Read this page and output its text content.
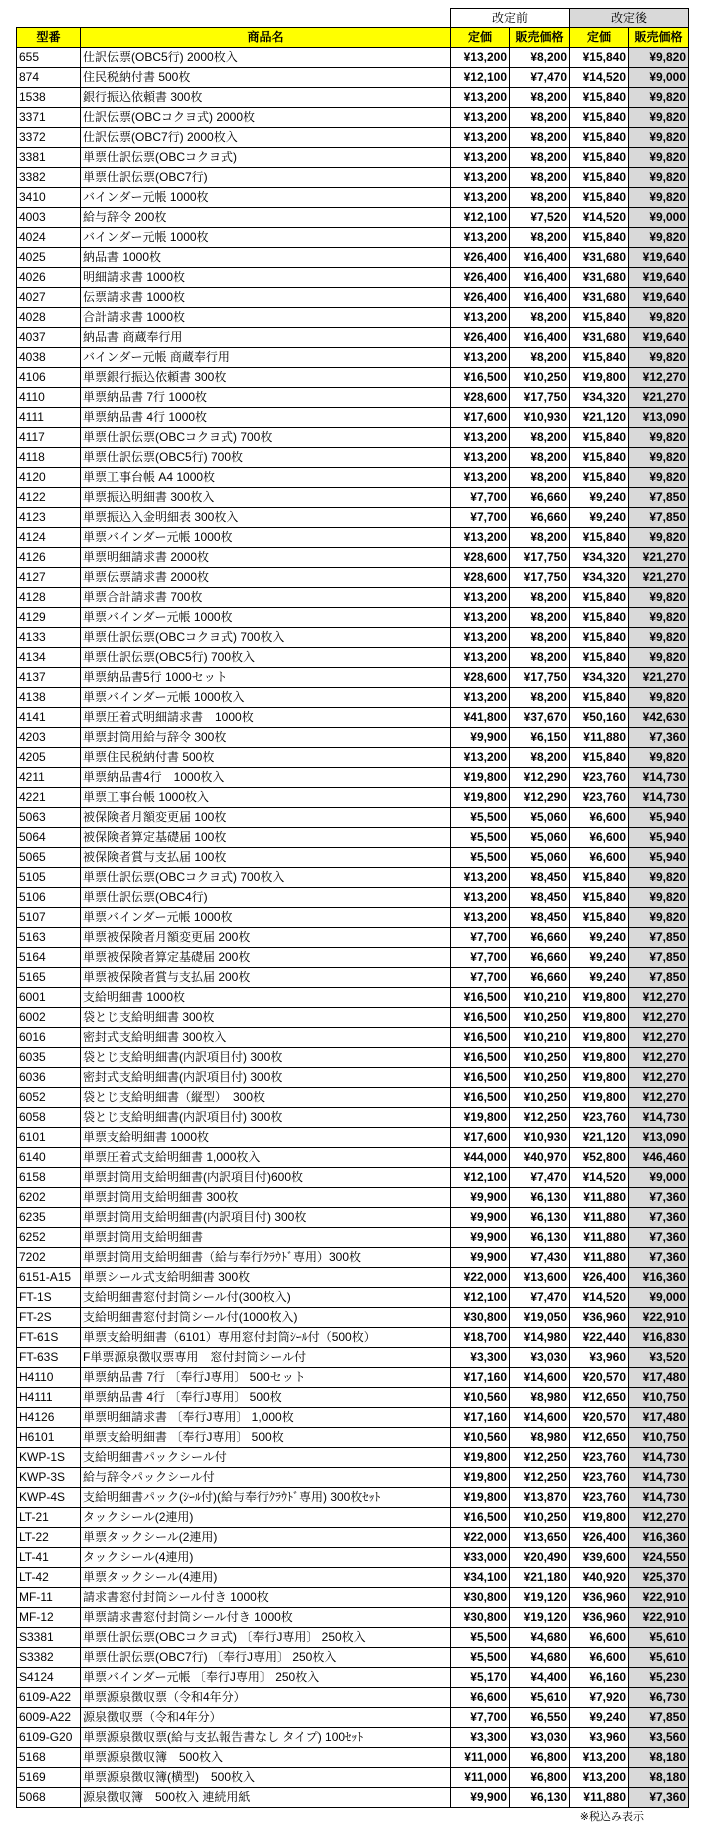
		改定前		改定後	
型番	商品名	定価	販売価格	定価	販売価格
655	仕訳伝票(OBC5行) 2000枚入	¥13,200	¥8,200	¥15,840	¥9,820
874	住民税納付書 500枚	¥12,100	¥7,470	¥14,520	¥9,000
1538	銀行振込依頼書 300枚	¥13,200	¥8,200	¥15,840	¥9,820
3371	仕訳伝票(OBCコクヨ式) 2000枚	¥13,200	¥8,200	¥15,840	¥9,820
3372	仕訳伝票(OBC7行) 2000枚入	¥13,200	¥8,200	¥15,840	¥9,820
3381	単票仕訳伝票(OBCコクヨ式)	¥13,200	¥8,200	¥15,840	¥9,820
3382	単票仕訳伝票(OBC7行)	¥13,200	¥8,200	¥15,840	¥9,820
3410	バインダー元帳 1000枚	¥13,200	¥8,200	¥15,840	¥9,820
4003	給与辞令 200枚	¥12,100	¥7,520	¥14,520	¥9,000
4024	バインダー元帳 1000枚	¥13,200	¥8,200	¥15,840	¥9,820
4025	納品書 1000枚	¥26,400	¥16,400	¥31,680	¥19,640
4026	明細請求書 1000枚	¥26,400	¥16,400	¥31,680	¥19,640
4027	伝票請求書 1000枚	¥26,400	¥16,400	¥31,680	¥19,640
4028	合計請求書 1000枚	¥13,200	¥8,200	¥15,840	¥9,820
4037	納品書 商蔵奉行用	¥26,400	¥16,400	¥31,680	¥19,640
4038	バインダー元帳 商蔵奉行用	¥13,200	¥8,200	¥15,840	¥9,820
4106	単票銀行振込依頼書 300枚	¥16,500	¥10,250	¥19,800	¥12,270
4110	単票納品書 7行 1000枚	¥28,600	¥17,750	¥34,320	¥21,270
4111	単票納品書 4行 1000枚	¥17,600	¥10,930	¥21,120	¥13,090
4117	単票仕訳伝票(OBCコクヨ式) 700枚	¥13,200	¥8,200	¥15,840	¥9,820
4118	単票仕訳伝票(OBC5行) 700枚	¥13,200	¥8,200	¥15,840	¥9,820
4120	単票工事台帳 A4 1000枚	¥13,200	¥8,200	¥15,840	¥9,820
4122	単票振込明細書 300枚入	¥7,700	¥6,660	¥9,240	¥7,850
4123	単票振込入金明細表 300枚入	¥7,700	¥6,660	¥9,240	¥7,850
4124	単票バインダー元帳 1000枚	¥13,200	¥8,200	¥15,840	¥9,820
4126	単票明細請求書 2000枚	¥28,600	¥17,750	¥34,320	¥21,270
4127	単票伝票請求書 2000枚	¥28,600	¥17,750	¥34,320	¥21,270
4128	単票合計請求書 700枚	¥13,200	¥8,200	¥15,840	¥9,820
4129	単票バインダー元帳 1000枚	¥13,200	¥8,200	¥15,840	¥9,820
4133	単票仕訳伝票(OBCコクヨ式) 700枚入	¥13,200	¥8,200	¥15,840	¥9,820
4134	単票仕訳伝票(OBC5行) 700枚入	¥13,200	¥8,200	¥15,840	¥9,820
4137	単票納品書5行 1000セット	¥28,600	¥17,750	¥34,320	¥21,270
4138	単票バインダー元帳 1000枚入	¥13,200	¥8,200	¥15,840	¥9,820
4141	単票圧着式明細請求書　1000枚	¥41,800	¥37,670	¥50,160	¥42,630
4203	単票封筒用給与辞令 300枚	¥9,900	¥6,150	¥11,880	¥7,360
4205	単票住民税納付書 500枚	¥13,200	¥8,200	¥15,840	¥9,820
4211	単票納品書4行　1000枚入	¥19,800	¥12,290	¥23,760	¥14,730
4221	単票工事台帳 1000枚入	¥19,800	¥12,290	¥23,760	¥14,730
5063	被保険者月額変更届 100枚	¥5,500	¥5,060	¥6,600	¥5,940
5064	被保険者算定基礎届 100枚	¥5,500	¥5,060	¥6,600	¥5,940
5065	被保険者賞与支払届 100枚	¥5,500	¥5,060	¥6,600	¥5,940
5105	単票仕訳伝票(OBCコクヨ式) 700枚入	¥13,200	¥8,450	¥15,840	¥9,820
5106	単票仕訳伝票(OBC4行)	¥13,200	¥8,450	¥15,840	¥9,820
5107	単票バインダー元帳 1000枚	¥13,200	¥8,450	¥15,840	¥9,820
5163	単票被保険者月額変更届 200枚	¥7,700	¥6,660	¥9,240	¥7,850
5164	単票被保険者算定基礎届 200枚	¥7,700	¥6,660	¥9,240	¥7,850
5165	単票被保険者賞与支払届 200枚	¥7,700	¥6,660	¥9,240	¥7,850
6001	支給明細書 1000枚	¥16,500	¥10,210	¥19,800	¥12,270
6002	袋とじ支給明細書 300枚	¥16,500	¥10,250	¥19,800	¥12,270
6016	密封式支給明細書 300枚入	¥16,500	¥10,210	¥19,800	¥12,270
6035	袋とじ支給明細書(内訳項目付) 300枚	¥16,500	¥10,250	¥19,800	¥12,270
6036	密封式支給明細書(内訳項目付) 300枚	¥16,500	¥10,250	¥19,800	¥12,270
6052	袋とじ支給明細書（縦型）　300枚	¥16,500	¥10,250	¥19,800	¥12,270
6058	袋とじ支給明細書(内訳項目付) 300枚	¥19,800	¥12,250	¥23,760	¥14,730
6101	単票支給明細書 1000枚	¥17,600	¥10,930	¥21,120	¥13,090
6140	単票圧着式支給明細書 1,000枚入	¥44,000	¥40,970	¥52,800	¥46,460
6158	単票封筒用支給明細書(内訳項目付)600枚	¥12,100	¥7,470	¥14,520	¥9,000
6202	単票封筒用支給明細書 300枚	¥9,900	¥6,130	¥11,880	¥7,360
6235	単票封筒用支給明細書(内訳項目付) 300枚	¥9,900	¥6,130	¥11,880	¥7,360
6252	単票封筒用支給明細書	¥9,900	¥6,130	¥11,880	¥7,360
7202	単票封筒用支給明細書（給与奉行ｸﾗｳﾄﾞ専用）300枚	¥9,900	¥7,430	¥11,880	¥7,360
6151-A15	単票シール式支給明細書 300枚	¥22,000	¥13,600	¥26,400	¥16,360
FT-1S	支給明細書窓付封筒シール付(300枚入)	¥12,100	¥7,470	¥14,520	¥9,000
FT-2S	支給明細書窓付封筒シール付(1000枚入)	¥30,800	¥19,050	¥36,960	¥22,910
FT-61S	単票支給明細書（6101）専用窓付封筒ｼｰﾙ付（500枚）	¥18,700	¥14,980	¥22,440	¥16,830
FT-63S	F単票源泉徴収票専用　窓付封筒シール付	¥3,300	¥3,030	¥3,960	¥3,520
H4110	単票納品書 7行 〔奉行J専用〕 500セット	¥17,160	¥14,600	¥20,570	¥17,480
H4111	単票納品書 4行 〔奉行J専用〕 500枚	¥10,560	¥8,980	¥12,650	¥10,750
H4126	単票明細請求書 〔奉行J専用〕 1,000枚	¥17,160	¥14,600	¥20,570	¥17,480
H6101	単票支給明細書 〔奉行J専用〕 500枚	¥10,560	¥8,980	¥12,650	¥10,750
KWP-1S	支給明細書パックシール付	¥19,800	¥12,250	¥23,760	¥14,730
KWP-3S	給与辞令パックシール付	¥19,800	¥12,250	¥23,760	¥14,730
KWP-4S	支給明細書パック(ｼｰﾙ付)(給与奉行ｸﾗｳﾄﾞ専用) 300枚ｾｯﾄ	¥19,800	¥13,870	¥23,760	¥14,730
LT-21	タックシール(2連用)	¥16,500	¥10,250	¥19,800	¥12,270
LT-22	単票タックシール(2連用)	¥22,000	¥13,650	¥26,400	¥16,360
LT-41	タックシール(4連用)	¥33,000	¥20,490	¥39,600	¥24,550
LT-42	単票タックシール(4連用)	¥34,100	¥21,180	¥40,920	¥25,370
MF-11	請求書窓付封筒シール付き 1000枚	¥30,800	¥19,120	¥36,960	¥22,910
MF-12	単票請求書窓付封筒シール付き 1000枚	¥30,800	¥19,120	¥36,960	¥22,910
S3381	単票仕訳伝票(OBCコクヨ式) 〔奉行J専用〕 250枚入	¥5,500	¥4,680	¥6,600	¥5,610
S3382	単票仕訳伝票(OBC7行) 〔奉行J専用〕 250枚入	¥5,500	¥4,680	¥6,600	¥5,610
S4124	単票バインダー元帳 〔奉行J専用〕 250枚入	¥5,170	¥4,400	¥6,160	¥5,230
6109-A22	単票源泉徴収票（令和4年分）	¥6,600	¥5,610	¥7,920	¥6,730
6009-A22	源泉徴収票（令和4年分）	¥7,700	¥6,550	¥9,240	¥7,850
6109-G20	単票源泉徴収票(給与支払報告書なし タイプ) 100ｾｯﾄ	¥3,300	¥3,030	¥3,960	¥3,560
5168	単票源泉徴収簿　500枚入	¥11,000	¥6,800	¥13,200	¥8,180
5169	単票源泉徴収簿(横型)　500枚入	¥11,000	¥6,800	¥13,200	¥8,180
5068	源泉徴収簿　500枚入 連続用紙	¥9,900	¥6,130	¥11,880	¥7,360
※税込み表示
